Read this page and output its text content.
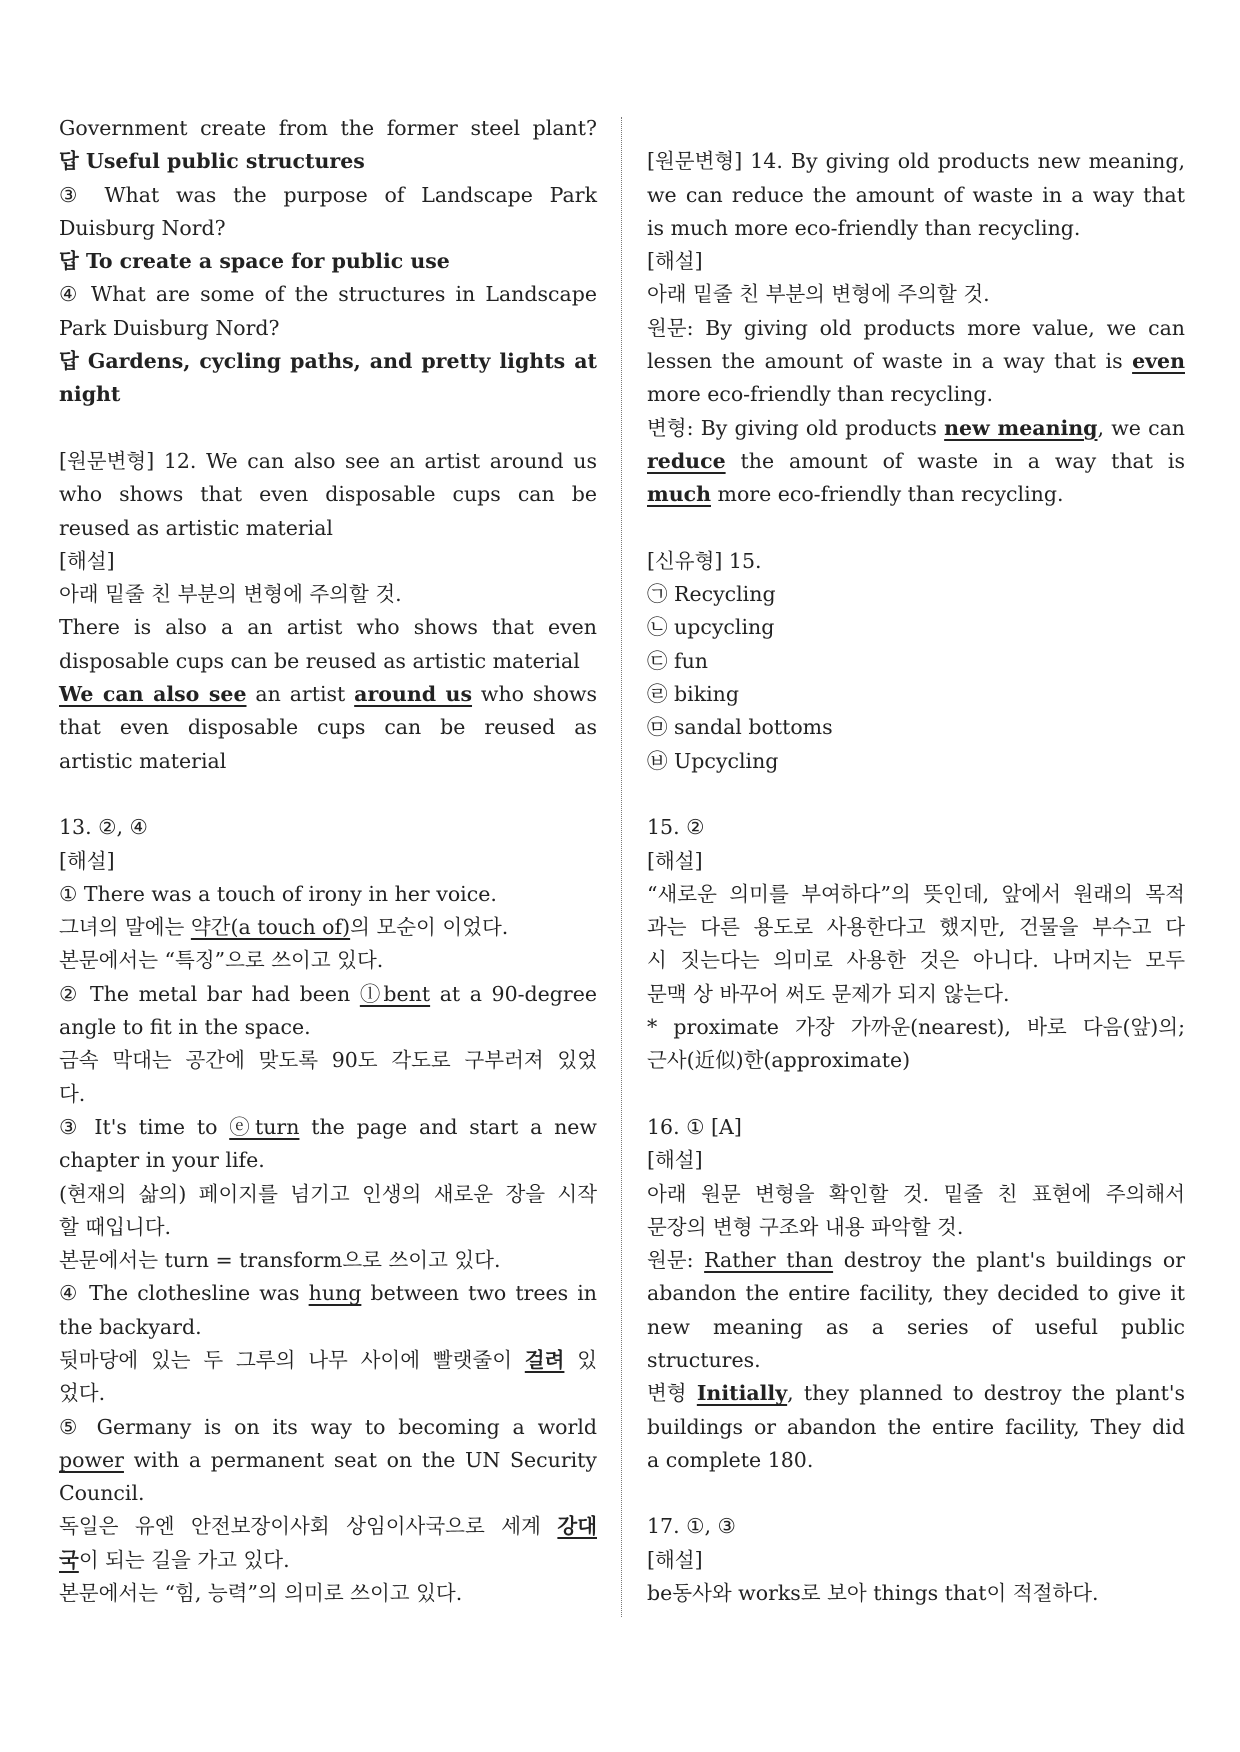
Government create from the former steel plant?
답 Useful public structures
③ What was the purpose of Landscape Park
Duisburg Nord?
답 To create a space for public use
④ What are some of the structures in Landscape
Park Duisburg Nord?
답 Gardens, cycling paths, and pretty lights at
night
[원문변형] 12. We can also see an artist around us
who shows that even disposable cups can be
reused as artistic material
[해설]
아래 밑줄 친 부분의 변형에 주의할 것.
There is also a an artist who shows that even
disposable cups can be reused as artistic material
We can also see an artist around us who shows
that even disposable cups can be reused as
artistic material
13. ②, ④
[해설]
① There was a touch of irony in her voice.
그녀의 말에는 약간(a touch of)의 모순이 이었다.
본문에서는 “특징”으로 쓰이고 있다.
② The metal bar had been ⓛbent at a 90-degree
angle to fit in the space.
금속 막대는 공간에 맞도록 90도 각도로 구부러져 있었
다.
③ It's time to ⓔturn the page and start a new
chapter in your life.
(현재의 삶의) 페이지를 넘기고 인생의 새로운 장을 시작
할 때입니다.
본문에서는 turn = transform으로 쓰이고 있다.
④ The clothesline was hung between two trees in
the backyard.
뒷마당에 있는 두 그루의 나무 사이에 빨랫줄이 걸려 있
었다.
⑤ Germany is on its way to becoming a world
power with a permanent seat on the UN Security
Council.
독일은 유엔 안전보장이사회 상임이사국으로 세계 강대
국이 되는 길을 가고 있다.
본문에서는 “힘, 능력”의 의미로 쓰이고 있다.
[원문변형] 14. By giving old products new meaning,
we can reduce the amount of waste in a way that
is much more eco-friendly than recycling.
[해설]
아래 밑줄 친 부분의 변형에 주의할 것.
원문: By giving old products more value, we can
lessen the amount of waste in a way that is even
more eco-friendly than recycling.
변형: By giving old products new meaning, we can
reduce the amount of waste in a way that is
much more eco-friendly than recycling.
[신유형] 15.
㉠ Recycling
㉡ upcycling
㉢ fun
㉣ biking
㉤ sandal bottoms
㉥ Upcycling
15. ②
[해설]
“새로운 의미를 부여하다”의 뜻인데, 앞에서 원래의 목적
과는 다른 용도로 사용한다고 했지만, 건물을 부수고 다
시 짓는다는 의미로 사용한 것은 아니다. 나머지는 모두
문맥 상 바꾸어 써도 문제가 되지 않는다.
* proximate 가장 가까운(nearest), 바로 다음(앞)의;
근사(近似)한(approximate)
16. ① [A]
[해설]
아래 원문 변형을 확인할 것. 밑줄 친 표현에 주의해서
문장의 변형 구조와 내용 파악할 것.
원문: Rather than destroy the plant's buildings or
abandon the entire facility, they decided to give it
new meaning as a series of useful public
structures.
변형 Initially, they planned to destroy the plant's
buildings or abandon the entire facility, They did
a complete 180.
17. ①, ③
[해설]
be동사와 works로 보아 things that이 적절하다.
